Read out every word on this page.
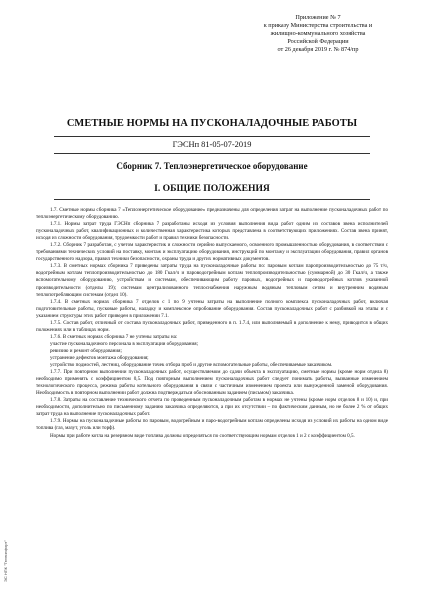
Приложение № 7
к приказу Министерства строительства и
жилищно-коммунального хозяйства
Российской Федерации
от 26 декабря 2019 г. № 874/пр
СМЕТНЫЕ НОРМЫ НА ПУСКОНАЛАДОЧНЫЕ РАБОТЫ
ГЭСНп 81-05-07-2019
Сборник 7. Теплоэнергетическое оборудование
I. ОБЩИЕ ПОЛОЖЕНИЯ

1.7. Сметные нормы сборника 7 «Теплоэнергетическое оборудование» предназначены для определения затрат на выполнение пусконаладочных работ по теплоэнергетическому оборудованию.

1.7.1. Нормы затрат труда ГЭСНп сборника 7 разработаны исходя из условия выполнения вида работ одним из составов звена исполнителей пусконаладочных работ, квалификационных и количественная характеристика которых представлена в соответствующих приложениях. Состав звена принят, исходя из сложности оборудования, трудоемкости работ и правил техники безопасности.

1.7.2. Сборник 7 разработан, с учетом характеристик и сложности серийно выпускаемого, освоенного промышленностью оборудования, в соответствии с требованиями технических условий на поставку, монтаж и эксплуатацию оборудования, инструкций по монтажу и эксплуатации оборудования, правил органов государственного надзора, правил техники безопасности, охраны труда и других нормативных документов.

1.7.3. В сметных нормах сборника 7 приведены затраты труда на пусконаладочные работы по: паровым котлам паропроизводительностью до 75 т/ч, водогрейным котлам теплопроизводительностью до 180 Гкал/ч и пароводогрейным котлам теплопроизводительностью (суммарной) до 30 Гкал/ч, а также вспомогательному оборудованию, устройствам и системам, обеспечивающим работу паровых, водогрейных и пароводогрейных котлов указанной производительности (отделы 19); системам централизованного теплоснабжения наружным водяным тепловым сетям и внутренним водяным теплопотребляющим системам (отдел 10).

1.7.4. В сметных нормах сборника 7 отделов с 1 по 9 учтены затраты на выполнение полного комплекса пусконаладочных работ, включая подготовительные работы, пусковые работы, наладку и комплексное опробование оборудования. Состав пусконаладочных работ с разбивкой на этапы и с указанием структуры этих работ приведен в приложении 7.1.

1.7.5. Состав работ, отличный от состава пусконаладочных работ, приведенного в п. 1.7.4, или выполняемый в дополнение к нему, приводится в общих положениях или в таблицах норм.

1.7.6. В сметных нормах сборника 7 не учтены затраты на:

участие пусконаладочного персонала в эксплуатации оборудования;

ревизию и ремонт оборудования;

устранение дефектов монтажа оборудования;

устройство подмостей, лестниц, оборудование точек отбора проб и другие вспомогательные работы, обеспечиваемые заказчиком.

1.7.7. При повторном выполнении пусконаладочных работ, осуществляемом до сдачи объекта в эксплуатацию, сметные нормы (кроме норм отдела 8) необходимо применять с коэффициентом 0,5. Под повторным выполнением пусконаладочных работ следует понимать работы, вызванные изменением технологического процесса, режима работы котельного оборудования в связи с частичным изменением проекта или вынужденной заменой оборудования. Необходимость в повторном выполнении работ должна подтверждаться обоснованным заданием (письмом) заказчика.

1.7.8. Затраты на составление технического отчета по проведенным пусконаладочным работам в нормах не учтены (кроме норм отделов 8 и 10) и, при необходимости, дополнительно по письменному заданию заказчика определяются, а при их отсутствии – по фактическим данным, но не более 2 % от общих затрат труда на выполнение пусконаладочных работ.

1.7.9. Нормы на пусконаладочные работы по паровым, водогрейным и паро-водогрейным котлам определены исходя из условий их работы на одном виде топлива (газ, мазут, уголь или торф).

Нормы при работе котла на резервном виде топлива должны определяться по соответствующим нормам отделов 1 и 2 с коэффициентом 0,5.

ЭС НПК "Телеинфорт"
